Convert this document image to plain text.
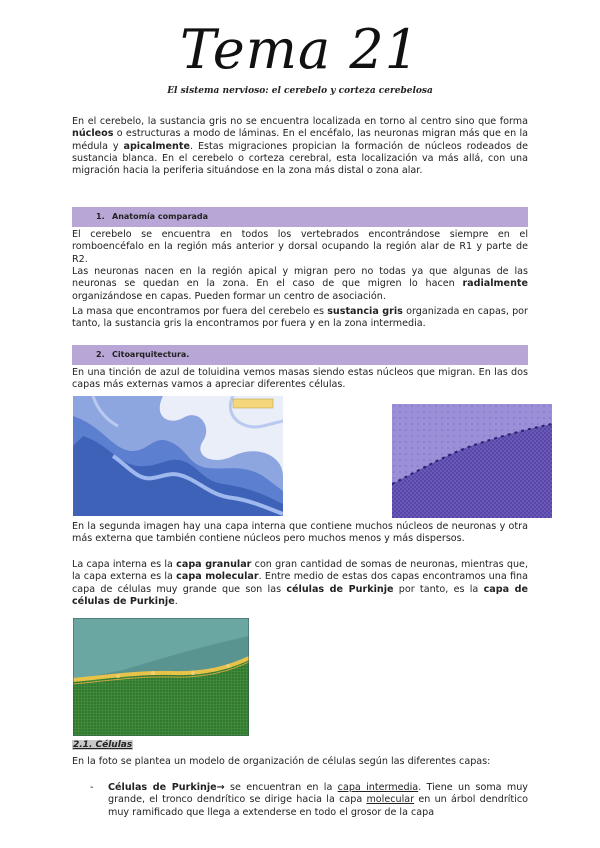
Tema 21
El sistema nervioso: el cerebelo y corteza cerebelosa

En el cerebelo, la sustancia gris no se encuentra localizada en torno al centro sino que forma núcleos o estructuras a modo de láminas. En el encéfalo, las neuronas migran más que en la médula y apicalmente. Estas migraciones propician la formación de núcleos rodeados de sustancia blanca. En el cerebelo o corteza cerebral, esta localización va más allá, con una migración hacia la periferia situándose en la zona más distal o zona alar.

1. Anatomía comparada

El cerebelo se encuentra en todos los vertebrados encontrándose siempre en el romboencéfalo en la región más anterior y dorsal ocupando la región alar de R1 y parte de R2.

Las neuronas nacen en la región apical y migran pero no todas ya que algunas de las neuronas se quedan en la zona. En el caso de que migren lo hacen radialmente organizándose en capas. Pueden formar un centro de asociación.

La masa que encontramos por fuera del cerebelo es sustancia gris organizada en capas, por tanto, la sustancia gris la encontramos por fuera y en la zona intermedia.

2. Citoarquitectura.

En una tinción de azul de toluidina vemos masas siendo estas núcleos que migran. En las dos capas más externas vamos a apreciar diferentes células.

En la segunda imagen hay una capa interna que contiene muchos núcleos de neuronas y otra más externa que también contiene núcleos pero muchos menos y más dispersos.

La capa interna es la capa granular con gran cantidad de somas de neuronas, mientras que, la capa externa es la capa molecular. Entre medio de estas dos capas encontramos una fina capa de células muy grande que son las células de Purkinje por tanto, es la capa de células de Purkinje.

2.1. Células

En la foto se plantea un modelo de organización de células según las diferentes capas:

- Células de Purkinje→ se encuentran en la capa intermedia. Tiene un soma muy grande, el tronco dendrítico se dirige hacia la capa molecular en un árbol dendrítico muy ramificado que llega a extenderse en todo el grosor de la capa
